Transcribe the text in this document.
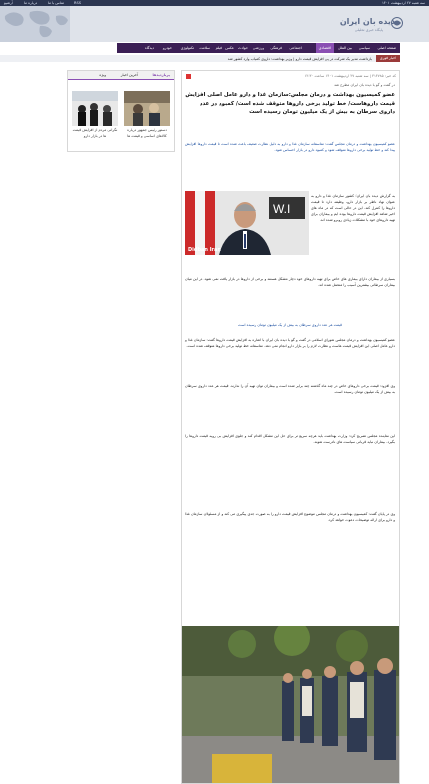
سه شنبه ۲۷ اردیبهشت ۱۴۰۱
آرشیو	درباره ما	تماس با ما	RSS
دیده بان ایران
پایگاه خبری تحلیلی
صفحه اصلی
سیاسی
بین الملل
اقتصادی
اجتماعی
فرهنگی
ورزشی
حوادث
عکس
فیلم
سلامت
تکنولوژی
خودرو
دیدگاه
اخبار فوری
بازداشت مدیر یک شرکت در پی افزایش قیمت دارو | وزیر بهداشت: داروی کمیاب وارد کشور شد
پربازدیدها
آخرین اخبار
ویژه
دستور رئیس جمهور درباره کالاهای اساسی و قیمت ها
نگرانی مردم از افزایش قیمت ها در بازار دارو
کد خبر: ۳۱۴۷۸۵ | سه شنبه ۲۷ اردیبهشت ۱۴۰۱ ساعت ۱۲:۳۰
در گفت و گو با دیده بان ایران مطرح شد
عضو کمیسیون بهداشت و درمان مجلس:سازمان غذا و دارو عامل اصلی افزایش قیمت داروهاست/ خط تولید برخی داروها متوقف شده است/ کمبود در عدد داروی سرطان به بیش از یک میلیون تومان رسیده است
عضو کمیسیون بهداشت و درمان مجلس گفت: متاسفانه سازمان غذا و دارو به دلیل نظارت ضعیف باعث شده است تا قیمت داروها افزایش پیدا کند و خط تولید برخی داروها متوقف شود و کمبود دارو در بازار احساس شود.
W.I
Didban Iran
به گزارش دیده بان ایران؛ کشور سازمان غذا و دارو به عنوان نهاد ناظر بر بازار دارو، وظیفه دارد تا قیمت داروها را کنترل کند. این در حالی است که در ماه های اخیر شاهد افزایش قیمت داروها بوده ایم و بیماران برای تهیه داروهای خود با مشکلات زیادی روبرو شده اند.
بسیاری از بیماران دارای بیماری های خاص برای تهیه داروهای خود دچار مشکل هستند و برخی از داروها در بازار یافت نمی شود. در این میان بیماران سرطانی بیشترین آسیب را متحمل شده اند.
قیمت هر عدد داروی سرطان به بیش از یک میلیون تومان رسیده است
عضو کمیسیون بهداشت و درمان مجلس شورای اسلامی در گفت و گو با دیده بان ایران با اشاره به افزایش قیمت داروها گفت: سازمان غذا و دارو عامل اصلی این افزایش قیمت هاست و نظارت لازم را بر بازار دارو انجام نمی دهد. متاسفانه خط تولید برخی داروها متوقف شده است.
وی افزود: قیمت برخی داروهای خاص در چند ماه گذشته چند برابر شده است و بیماران توان تهیه آن را ندارند. قیمت هر عدد داروی سرطان به بیش از یک میلیون تومان رسیده است.
این نماینده مجلس تصریح کرد: وزارت بهداشت باید هرچه سریع تر برای حل این مشکل اقدام کند و جلوی افزایش بی رویه قیمت داروها را بگیرد. بیماران نباید قربانی سیاست های نادرست شوند.
وی در پایان گفت: کمیسیون بهداشت و درمان مجلس موضوع افزایش قیمت دارو را به صورت جدی پیگیری می کند و از مسئولان سازمان غذا و دارو برای ارائه توضیحات دعوت خواهد کرد.
